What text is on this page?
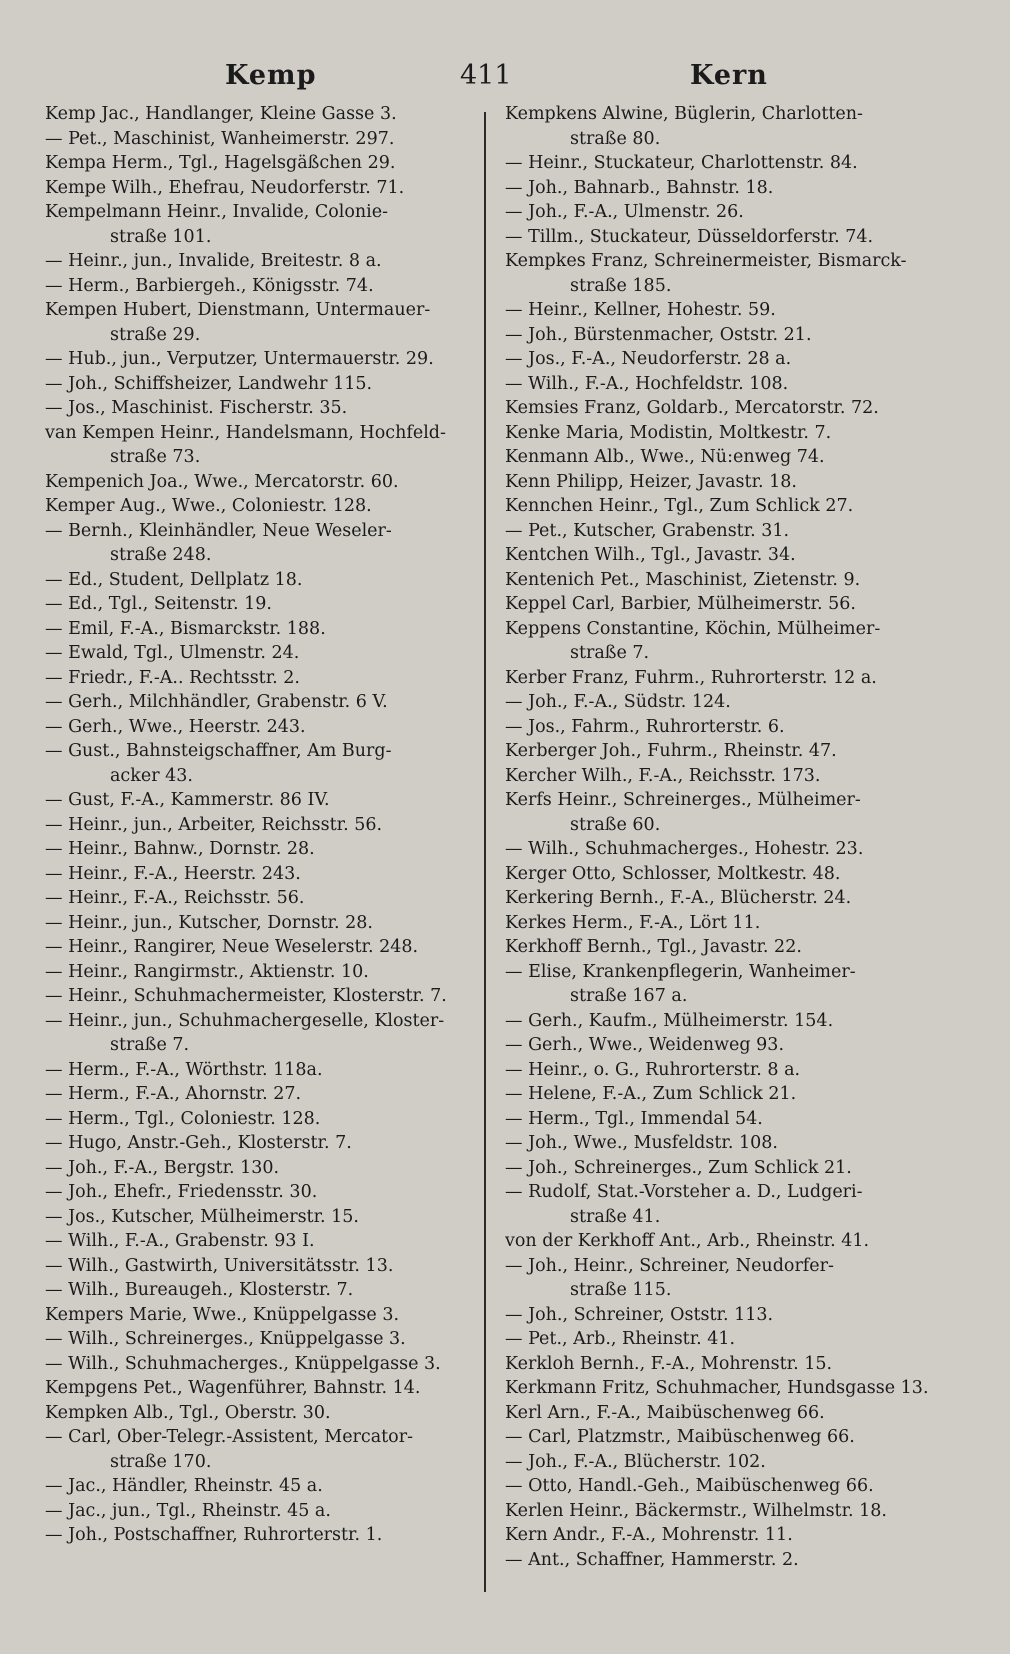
Kemp	411	Kern
Kemp Jac., Handlanger, Kleine Gasse 3.
— Pet., Maschinist, Wanheimerstr. 297.
Kempa Herm., Tgl., Hagelsgäßchen 29.
Kempe Wilh., Ehefrau, Neudorferstr. 71.
Kempelmann Heinr., Invalide, Colonie-
straße 101.
— Heinr., jun., Invalide, Breitestr. 8 a.
— Herm., Barbiergeh., Königsstr. 74.
Kempen Hubert, Dienstmann, Untermauer-
straße 29.
— Hub., jun., Verputzer, Untermauerstr. 29.
— Joh., Schiffsheizer, Landwehr 115.
— Jos., Maschinist. Fischerstr. 35.
van Kempen Heinr., Handelsmann, Hochfeld-
straße 73.
Kempenich Joa., Wwe., Mercatorstr. 60.
Kemper Aug., Wwe., Coloniestr. 128.
— Bernh., Kleinhändler, Neue Weseler-
straße 248.
— Ed., Student, Dellplatz 18.
— Ed., Tgl., Seitenstr. 19.
— Emil, F.-A., Bismarckstr. 188.
— Ewald, Tgl., Ulmenstr. 24.
— Friedr., F.-A.. Rechtsstr. 2.
— Gerh., Milchhändler, Grabenstr. 6 V.
— Gerh., Wwe., Heerstr. 243.
— Gust., Bahnsteigschaffner, Am Burg-
acker 43.
— Gust, F.-A., Kammerstr. 86 IV.
— Heinr., jun., Arbeiter, Reichsstr. 56.
— Heinr., Bahnw., Dornstr. 28.
— Heinr., F.-A., Heerstr. 243.
— Heinr., F.-A., Reichsstr. 56.
— Heinr., jun., Kutscher, Dornstr. 28.
— Heinr., Rangirer, Neue Weselerstr. 248.
— Heinr., Rangirmstr., Aktienstr. 10.
— Heinr., Schuhmachermeister, Klosterstr. 7.
— Heinr., jun., Schuhmachergeselle, Kloster-
straße 7.
— Herm., F.-A., Wörthstr. 118a.
— Herm., F.-A., Ahornstr. 27.
— Herm., Tgl., Coloniestr. 128.
— Hugo, Anstr.-Geh., Klosterstr. 7.
— Joh., F.-A., Bergstr. 130.
— Joh., Ehefr., Friedensstr. 30.
— Jos., Kutscher, Mülheimerstr. 15.
— Wilh., F.-A., Grabenstr. 93 I.
— Wilh., Gastwirth, Universitätsstr. 13.
— Wilh., Bureaugeh., Klosterstr. 7.
Kempers Marie, Wwe., Knüppelgasse 3.
— Wilh., Schreinerges., Knüppelgasse 3.
— Wilh., Schuhmacherges., Knüppelgasse 3.
Kempgens Pet., Wagenführer, Bahnstr. 14.
Kempken Alb., Tgl., Oberstr. 30.
— Carl, Ober-Telegr.-Assistent, Mercator-
straße 170.
— Jac., Händler, Rheinstr. 45 a.
— Jac., jun., Tgl., Rheinstr. 45 a.
— Joh., Postschaffner, Ruhrorterstr. 1.
Kempkens Alwine, Büglerin, Charlotten-
straße 80.
— Heinr., Stuckateur, Charlottenstr. 84.
— Joh., Bahnarb., Bahnstr. 18.
— Joh., F.-A., Ulmenstr. 26.
— Tillm., Stuckateur, Düsseldorferstr. 74.
Kempkes Franz, Schreinermeister, Bismarck-
straße 185.
— Heinr., Kellner, Hohestr. 59.
— Joh., Bürstenmacher, Oststr. 21.
— Jos., F.-A., Neudorferstr. 28 a.
— Wilh., F.-A., Hochfeldstr. 108.
Kemsies Franz, Goldarb., Mercatorstr. 72.
Kenke Maria, Modistin, Moltkestr. 7.
Kenmann Alb., Wwe., Nü:enweg 74.
Kenn Philipp, Heizer, Javastr. 18.
Kennchen Heinr., Tgl., Zum Schlick 27.
— Pet., Kutscher, Grabenstr. 31.
Kentchen Wilh., Tgl., Javastr. 34.
Kentenich Pet., Maschinist, Zietenstr. 9.
Keppel Carl, Barbier, Mülheimerstr. 56.
Keppens Constantine, Köchin, Mülheimer-
straße 7.
Kerber Franz, Fuhrm., Ruhrorterstr. 12 a.
— Joh., F.-A., Südstr. 124.
— Jos., Fahrm., Ruhrorterstr. 6.
Kerberger Joh., Fuhrm., Rheinstr. 47.
Kercher Wilh., F.-A., Reichsstr. 173.
Kerfs Heinr., Schreinerges., Mülheimer-
straße 60.
— Wilh., Schuhmacherges., Hohestr. 23.
Kerger Otto, Schlosser, Moltkestr. 48.
Kerkering Bernh., F.-A., Blücherstr. 24.
Kerkes Herm., F.-A., Lört 11.
Kerkhoff Bernh., Tgl., Javastr. 22.
— Elise, Krankenpflegerin, Wanheimer-
straße 167 a.
— Gerh., Kaufm., Mülheimerstr. 154.
— Gerh., Wwe., Weidenweg 93.
— Heinr., o. G., Ruhrorterstr. 8 a.
— Helene, F.-A., Zum Schlick 21.
— Herm., Tgl., Immendal 54.
— Joh., Wwe., Musfeldstr. 108.
— Joh., Schreinerges., Zum Schlick 21.
— Rudolf, Stat.-Vorsteher a. D., Ludgeri-
straße 41.
von der Kerkhoff Ant., Arb., Rheinstr. 41.
— Joh., Heinr., Schreiner, Neudorfer-
straße 115.
— Joh., Schreiner, Oststr. 113.
— Pet., Arb., Rheinstr. 41.
Kerkloh Bernh., F.-A., Mohrenstr. 15.
Kerkmann Fritz, Schuhmacher, Hundsgasse 13.
Kerl Arn., F.-A., Maibüschenweg 66.
— Carl, Platzmstr., Maibüschenweg 66.
— Joh., F.-A., Blücherstr. 102.
— Otto, Handl.-Geh., Maibüschenweg 66.
Kerlen Heinr., Bäckermstr., Wilhelmstr. 18.
Kern Andr., F.-A., Mohrenstr. 11.
— Ant., Schaffner, Hammerstr. 2.
